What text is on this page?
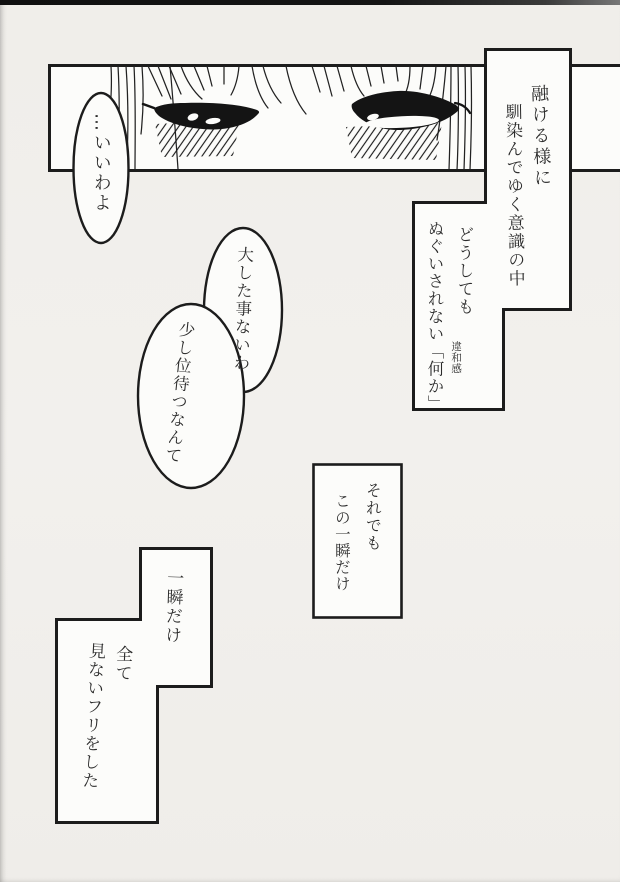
融ける様に
馴染んでゆく意識の中
どうしても
ぬぐいされない「何か」 違和感
…いいわよ
大した事ないわ
少し位待つなんて
それでも
この一瞬だけ
一瞬だけ
全て
見ないフリをした
